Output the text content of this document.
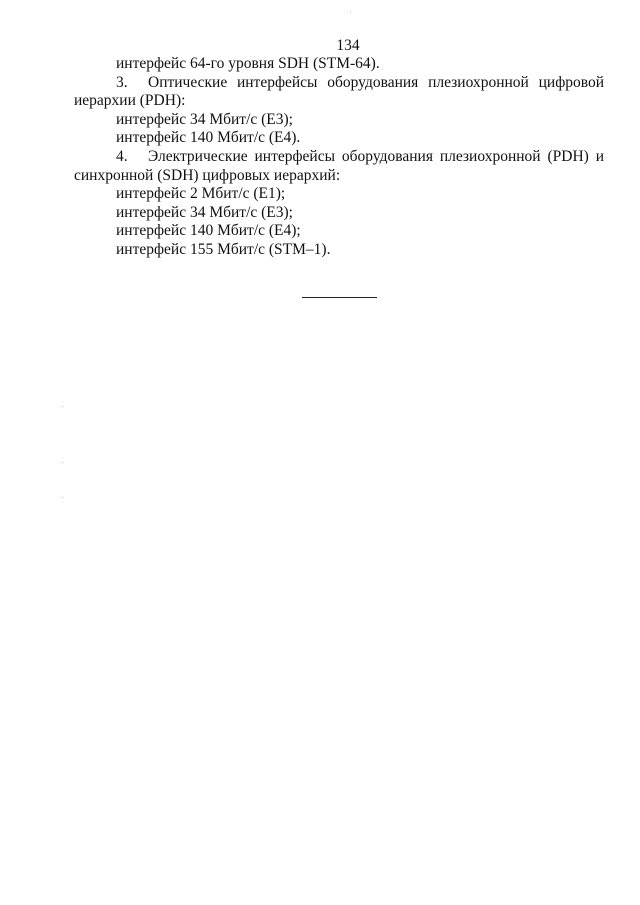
134
интерфейс 64-го уровня SDH (STM-64).
3.	Оптические интерфейсы оборудования плезиохронной цифровой
иерархии (PDH):
интерфейс 34 Мбит/с (Е3);
интерфейс 140 Мбит/с (Е4).
4.	Электрические интерфейсы оборудования плезиохронной (PDH) и
синхронной (SDH) цифровых иерархий:
интерфейс 2 Мбит/с (Е1);
интерфейс 34 Мбит/с (Е3);
интерфейс 140 Мбит/с (Е4);
интерфейс 155 Мбит/с (STM–1).
